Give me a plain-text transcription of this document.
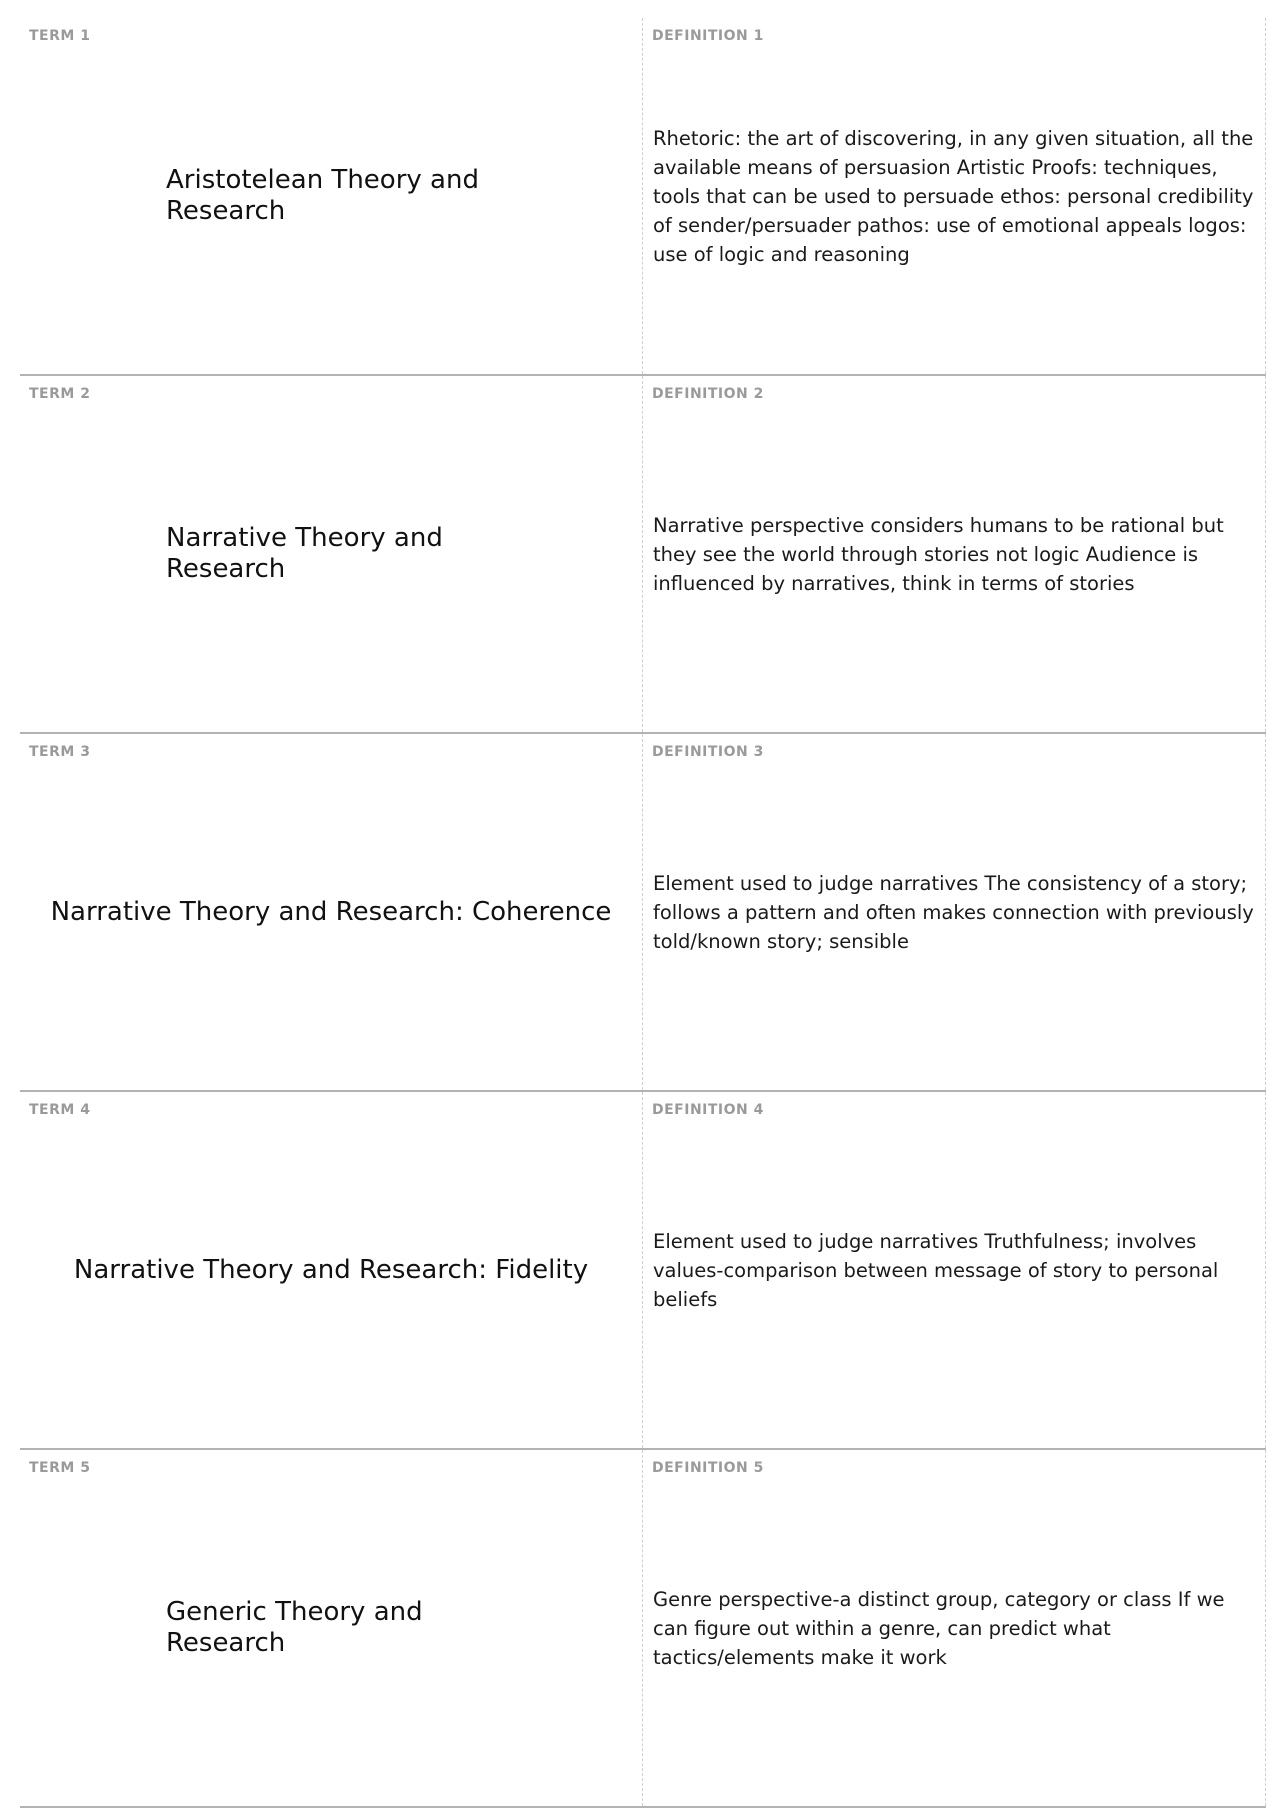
TERM 1
Aristotelean Theory and Research
DEFINITION 1
Rhetoric: the art of discovering, in any given situation, all the available means of persuasion Artistic Proofs: techniques, tools that can be used to persuade ethos: personal credibility of sender/persuader pathos: use of emotional appeals logos: use of logic and reasoning
TERM 2
Narrative Theory and Research
DEFINITION 2
Narrative perspective considers humans to be rational but they see the world through stories not logic Audience is influenced by narratives, think in terms of stories
TERM 3
Narrative Theory and Research: Coherence
DEFINITION 3
Element used to judge narratives The consistency of a story; follows a pattern and often makes connection with previously told/known story; sensible
TERM 4
Narrative Theory and Research: Fidelity
DEFINITION 4
Element used to judge narratives Truthfulness; involves values-comparison between message of story to personal beliefs
TERM 5
Generic Theory and Research
DEFINITION 5
Genre perspective-a distinct group, category or class If we can figure out within a genre, can predict what tactics/elements make it work
